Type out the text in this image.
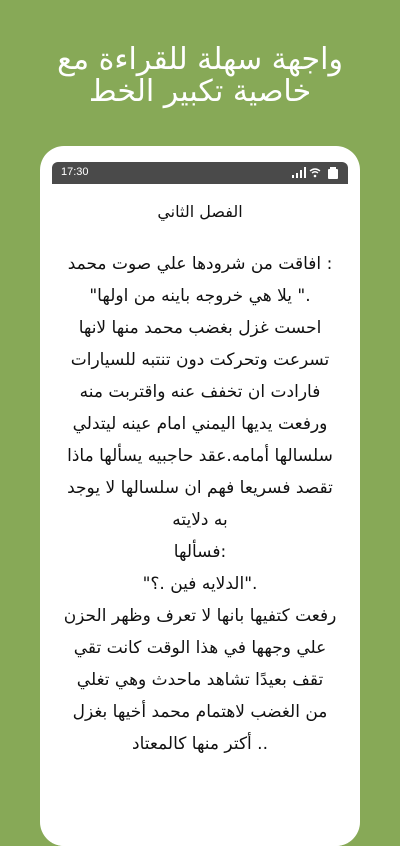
واجهة سهلة للقراءة مع
خاصية تكبير الخط
17:30
الفصل الثاني
: افاقت من شرودها علي صوت محمد
." يلا هي خروجه باينه من اولها"
احست غزل بغضب محمد منها لانها
تسرعت وتحركت دون تنتبه للسيارات
فارادت ان تخفف عنه واقتربت منه
ورفعت يديها اليمني امام عينه ليتدلي
سلسالها أمامه.عقد حاجبيه يسألها ماذا
تقصد فسريعا فهم ان سلسالها لا يوجد
به دلايته
:فسألها
."الدلايه فين .؟"
رفعت كتفيها بانها لا تعرف وظهر الحزن
علي وجهها في هذا الوقت كانت تقي
تقف بعيدًا تشاهد ماحدث وهي تغلي
من الغضب لاهتمام محمد أخيها بغزل
.. أكتر منها كالمعتاد
